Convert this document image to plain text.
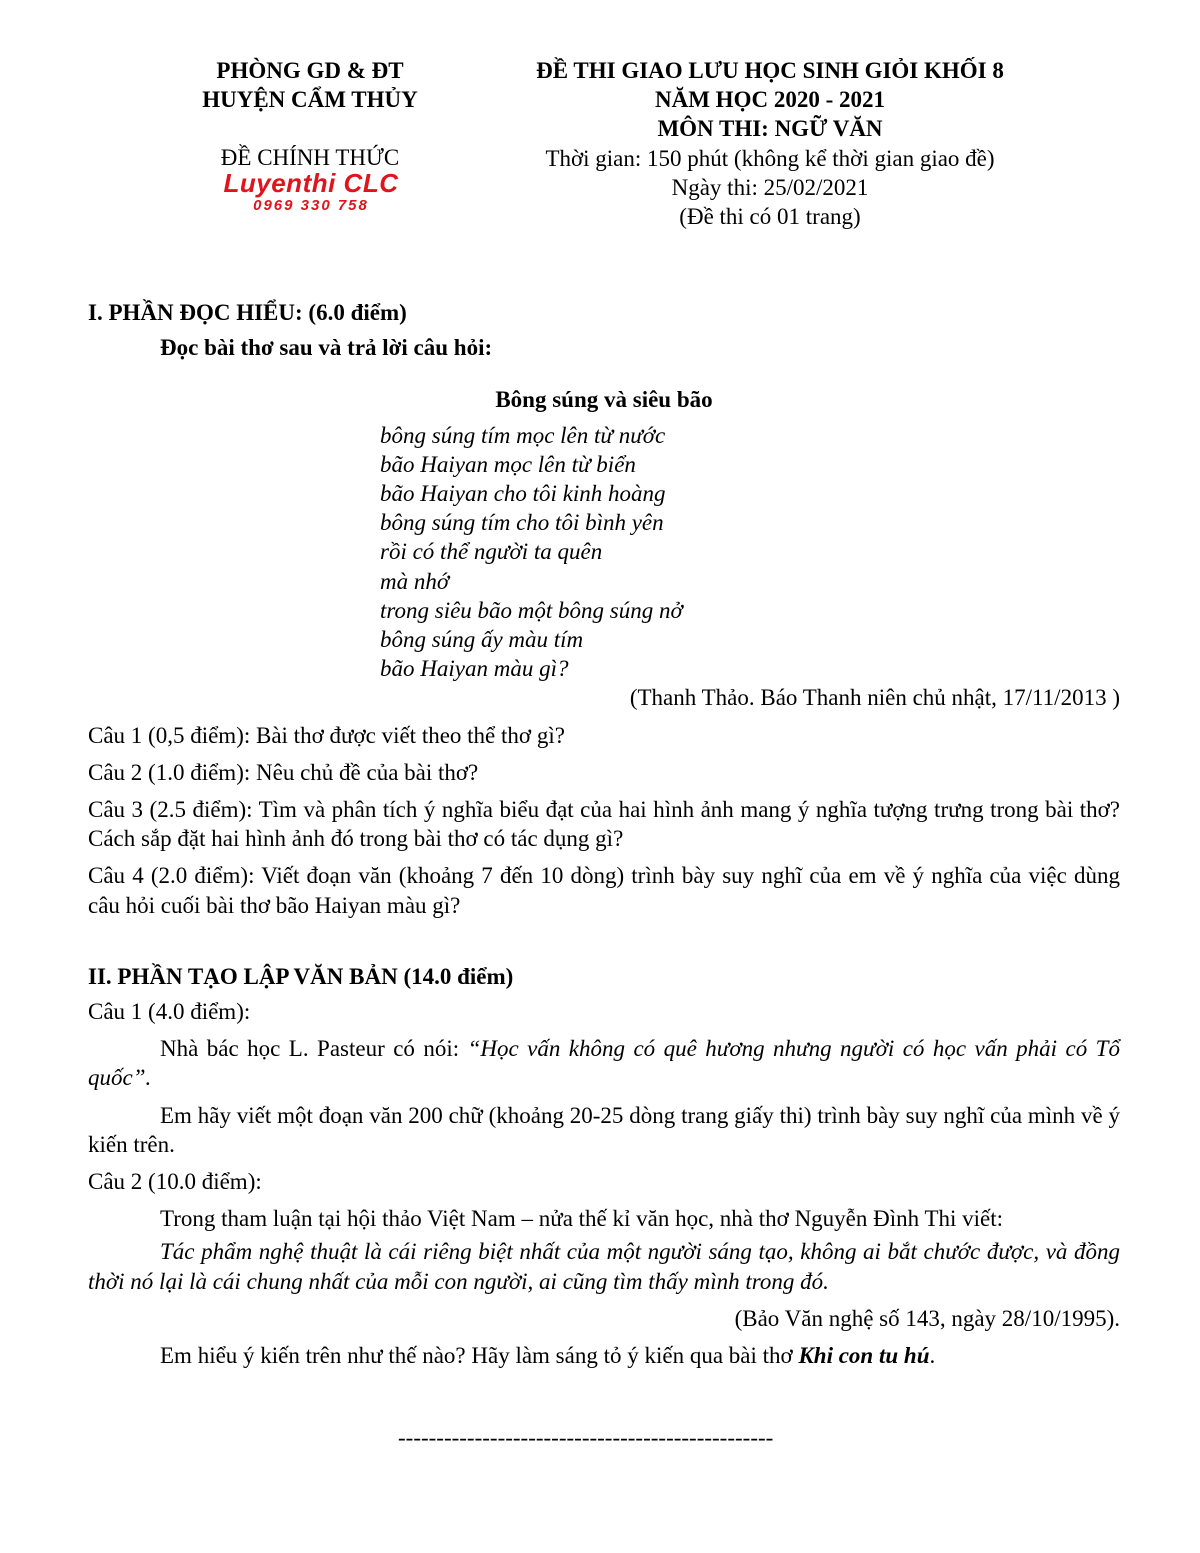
PHÒNG GD & ĐT
HUYỆN CẨM THỦY
ĐỀ CHÍNH THỨC
Luyenthi CLC
0969 330 758
ĐỀ THI GIAO LƯU HỌC SINH GIỎI KHỐI 8
NĂM HỌC 2020 - 2021
MÔN THI: NGỮ VĂN
Thời gian: 150 phút (không kể thời gian giao đề)
Ngày thi: 25/02/2021
(Đề thi có 01 trang)

I. PHẦN ĐỌC HIỂU: (6.0 điểm)

Đọc bài thơ sau và trả lời câu hỏi:

Bông súng và siêu bão

bông súng tím mọc lên từ nước
bão Haiyan mọc lên từ biển
bão Haiyan cho tôi kinh hoàng
bông súng tím cho tôi bình yên
rồi có thể người ta quên
mà nhớ
trong siêu bão một bông súng nở
bông súng ấy màu tím
bão Haiyan màu gì?

(Thanh Thảo. Báo Thanh niên chủ nhật, 17/11/2013 )

Câu 1 (0,5 điểm): Bài thơ được viết theo thể thơ gì?

Câu 2 (1.0 điểm): Nêu chủ đề của bài thơ?

Câu 3 (2.5 điểm): Tìm và phân tích ý nghĩa biểu đạt của hai hình ảnh mang ý nghĩa tượng trưng trong bài thơ? Cách sắp đặt hai hình ảnh đó trong bài thơ có tác dụng gì?

Câu 4 (2.0 điểm): Viết đoạn văn (khoảng 7 đến 10 dòng) trình bày suy nghĩ của em về ý nghĩa của việc dùng câu hỏi cuối bài thơ bão Haiyan màu gì?

II. PHẦN TẠO LẬP VĂN BẢN (14.0 điểm)

Câu 1 (4.0 điểm):

Nhà bác học L. Pasteur có nói: “Học vấn không có quê hương nhưng người có học vấn phải có Tổ quốc”.

Em hãy viết một đoạn văn 200 chữ (khoảng 20-25 dòng trang giấy thi) trình bày suy nghĩ của mình về ý kiến trên.

Câu 2 (10.0 điểm):

Trong tham luận tại hội thảo Việt Nam – nửa thế kỉ văn học, nhà thơ Nguyễn Đình Thi viết:

Tác phẩm nghệ thuật là cái riêng biệt nhất của một người sáng tạo, không ai bắt chước được, và đồng thời nó lại là cái chung nhất của mỗi con người, ai cũng tìm thấy mình trong đó.

(Bảo Văn nghệ số 143, ngày 28/10/1995).

Em hiểu ý kiến trên như thế nào? Hãy làm sáng tỏ ý kiến qua bài thơ Khi con tu hú.

-------------------------------------------------
